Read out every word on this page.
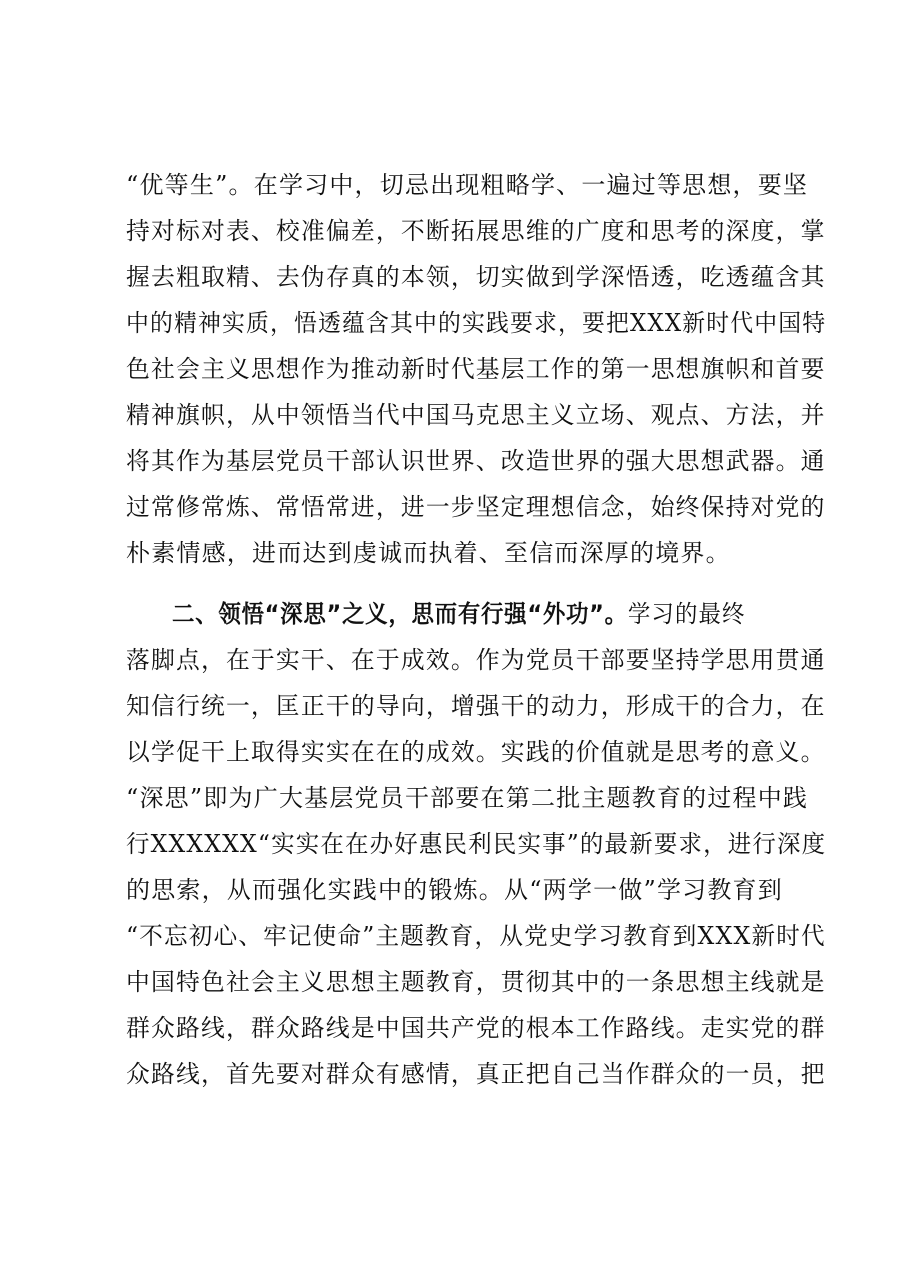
“优等生”。在学习中，切忌出现粗略学、一遍过等思想，要坚
持对标对表、校准偏差，不断拓展思维的广度和思考的深度，掌
握去粗取精、去伪存真的本领，切实做到学深悟透，吃透蕴含其
中的精神实质，悟透蕴含其中的实践要求，要把XXX新时代中国特
色社会主义思想作为推动新时代基层工作的第一思想旗帜和首要
精神旗帜，从中领悟当代中国马克思主义立场、观点、方法，并
将其作为基层党员干部认识世界、改造世界的强大思想武器。通
过常修常炼、常悟常进，进一步坚定理想信念，始终保持对党的
朴素情感，进而达到虔诚而执着、至信而深厚的境界。
二、领悟“深思”之义，思而有行强“外功”。学习的最终
落脚点，在于实干、在于成效。作为党员干部要坚持学思用贯通
知信行统一，匡正干的导向，增强干的动力，形成干的合力，在
以学促干上取得实实在在的成效。实践的价值就是思考的意义。
“深思”即为广大基层党员干部要在第二批主题教育的过程中践
行XXXXXX“实实在在办好惠民利民实事”的最新要求，进行深度
的思索，从而强化实践中的锻炼。从“两学一做”学习教育到
“不忘初心、牢记使命”主题教育，从党史学习教育到XXX新时代
中国特色社会主义思想主题教育，贯彻其中的一条思想主线就是
群众路线，群众路线是中国共产党的根本工作路线。走实党的群
众路线，首先要对群众有感情，真正把自己当作群众的一员，把
